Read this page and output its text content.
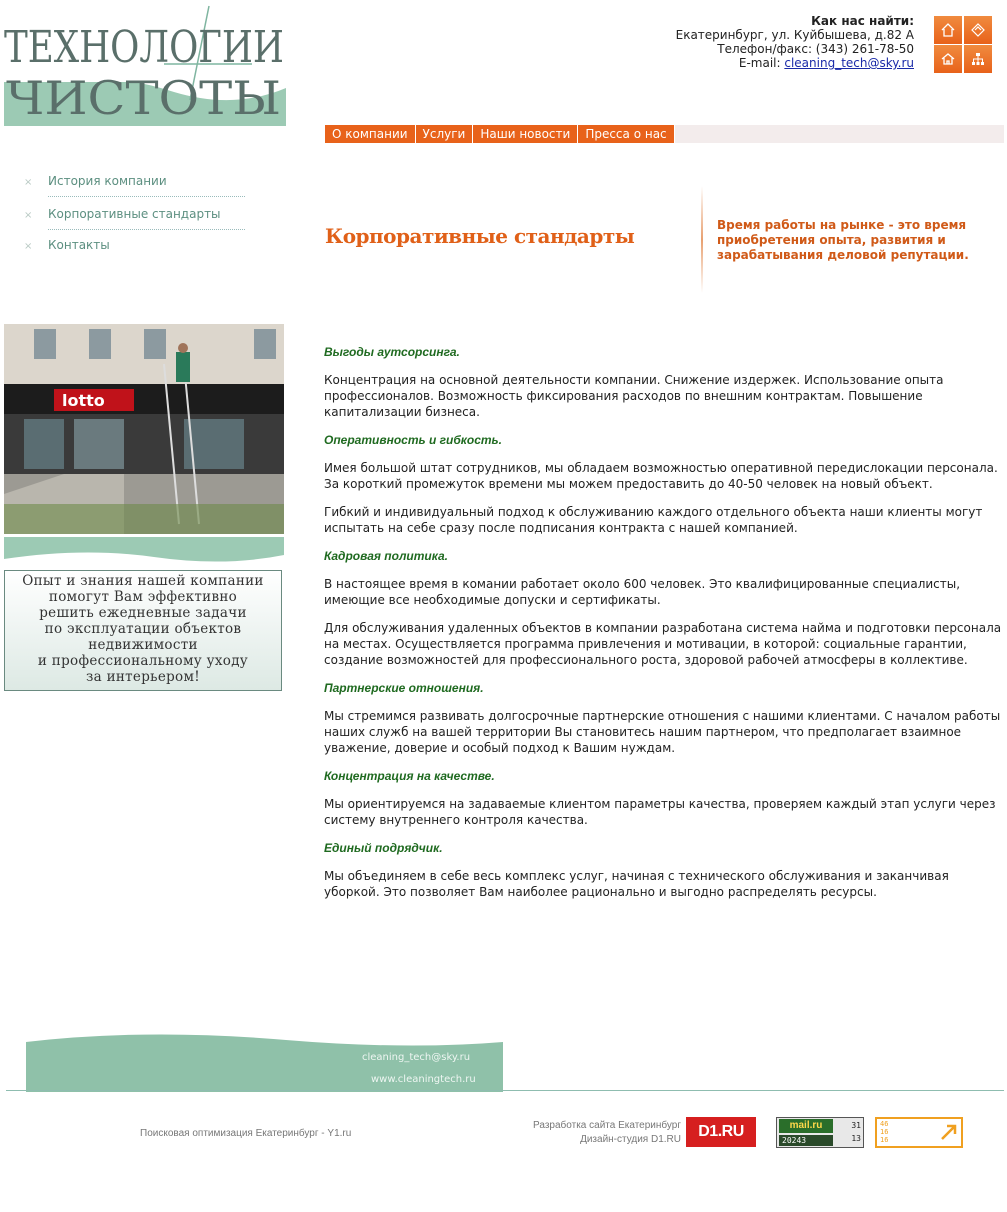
ТЕХНОЛОГИИ
ЧИСТОТЫ
Как нас найти:
Екатеринбург, ул. Куйбышева, д.82 А
Телефон/факс: (343) 261-78-50
E-mail: cleaning_tech@sky.ru
О компании	Услуги	Наши новости	Пресса о нас
× История компании
× Корпоративные стандарты
× Контакты	Корпоративные стандарты	Время работы на рынке - это время приобретения опыта, развития и зарабатывания деловой репутации.
lotto
Опыт и знания нашей компании
помогут Вам эффективно
решить ежедневные задачи
по эксплуатации объектов
недвижимости
и профессиональному уходу
за интерьером!
Выгоды аутсорсинга.

Концентрация на основной деятельности компании. Снижение издержек. Использование опыта профессионалов. Возможность фиксирования расходов по внешним контрактам. Повышение капитализации бизнеса.

Оперативность и гибкость.

Имея большой штат сотрудников, мы обладаем возможностью оперативной передислокации персонала. За короткий промежуток времени мы можем предоставить до 40-50 человек на новый объект.

Гибкий и индивидуальный подход к обслуживанию каждого отдельного объекта наши клиенты могут испытать на себе сразу после подписания контракта с нашей компанией.

Кадровая политика.

В настоящее время в комании работает около 600 человек. Это квалифицированные специалисты, имеющие все необходимые допуски и сертификаты.

Для обслуживания удаленных объектов в компании разработана система найма и подготовки персонала на местах. Осуществляется программа привлечения и мотивации, в которой: социальные гарантии, создание возможностей для профессионального роста, здоровой рабочей атмосферы в коллективе.

Партнерские отношения.

Мы стремимся развивать долгосрочные партнерские отношения с нашими клиентами. С началом работы наших служб на вашей территории Вы становитесь нашим партнером, что предполагает взаимное уважение, доверие и особый подход к Вашим нуждам.

Концентрация на качестве.

Мы ориентируемся на задаваемые клиентом параметры качества, проверяем каждый этап услуги через систему внутреннего контроля качества.

Единый подрядчик.

Мы объединяем в себе весь комплекс услуг, начиная с технического обслуживания и заканчивая уборкой. Это позволяет Вам наиболее рационально и выгодно распределять ресурсы.

cleaning_tech@sky.ru
www.cleaningtech.ru
Поисковая оптимизация Екатеринбург - Y1.ru
Разработка сайта Екатеринбург
Дизайн-студия D1.RU	D1.RU	mail.ru
20243
31
13
46
16
16
